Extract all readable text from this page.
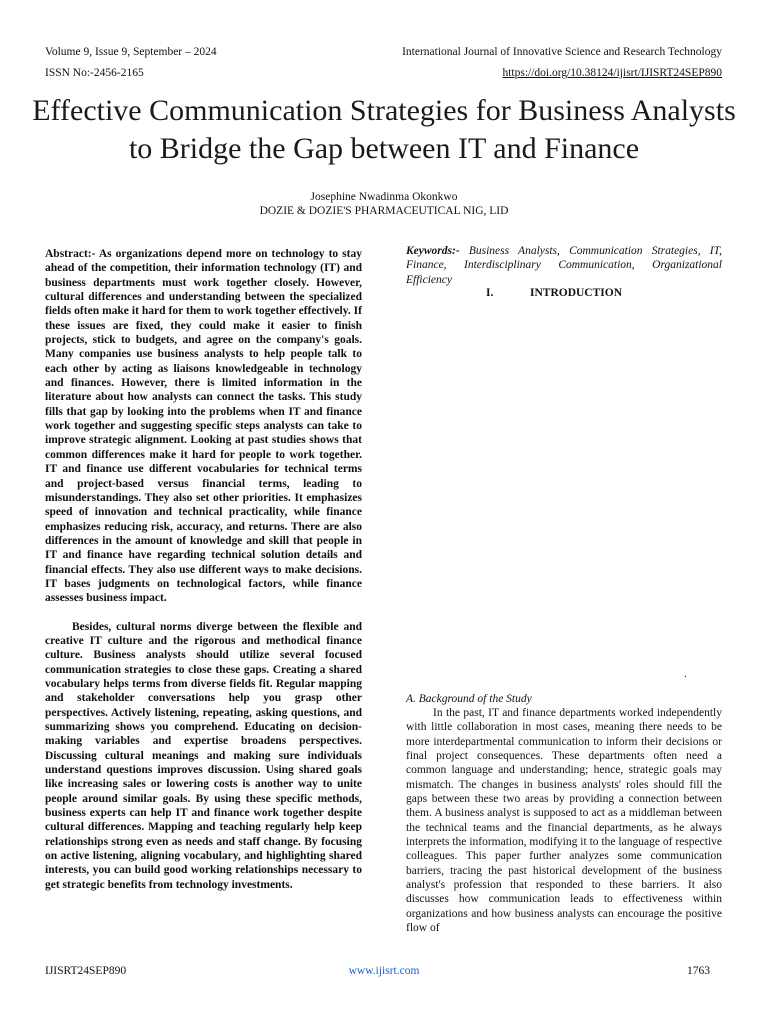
Volume 9, Issue 9, September – 2024
ISSN No:-2456-2165
International Journal of Innovative Science and Research Technology
https://doi.org/10.38124/ijisrt/IJISRT24SEP890
Effective Communication Strategies for Business Analysts to Bridge the Gap between IT and Finance
Josephine Nwadinma Okonkwo
DOZIE & DOZIE'S PHARMACEUTICAL NIG, LID

Abstract:- As organizations depend more on technology to stay ahead of the competition, their information technology (IT) and business departments must work together closely. However, cultural differences and understanding between the specialized fields often make it hard for them to work together effectively. If these issues are fixed, they could make it easier to finish projects, stick to budgets, and agree on the company's goals. Many companies use business analysts to help people talk to each other by acting as liaisons knowledgeable in technology and finances. However, there is limited information in the literature about how analysts can connect the tasks. This study fills that gap by looking into the problems when IT and finance work together and suggesting specific steps analysts can take to improve strategic alignment. Looking at past studies shows that common differences make it hard for people to work together. IT and finance use different vocabularies for technical terms and project-based versus financial terms, leading to misunderstandings. They also set other priorities. It emphasizes speed of innovation and technical practicality, while finance emphasizes reducing risk, accuracy, and returns. There are also differences in the amount of knowledge and skill that people in IT and finance have regarding technical solution details and financial effects. They also use different ways to make decisions. IT bases judgments on technological factors, while finance assesses business impact.

Besides, cultural norms diverge between the flexible and creative IT culture and the rigorous and methodical finance culture. Business analysts should utilize several focused communication strategies to close these gaps. Creating a shared vocabulary helps terms from diverse fields fit. Regular mapping and stakeholder conversations help you grasp other perspectives. Actively listening, repeating, asking questions, and summarizing shows you comprehend. Educating on decision-making variables and expertise broadens perspectives. Discussing cultural meanings and making sure individuals understand questions improves discussion. Using shared goals like increasing sales or lowering costs is another way to unite people around similar goals. By using these specific methods, business experts can help IT and finance work together despite cultural differences. Mapping and teaching regularly help keep relationships strong even as needs and staff change. By focusing on active listening, aligning vocabulary, and highlighting shared interests, you can build good working relationships necessary to get strategic benefits from technology investments.

Keywords:- Business Analysts, Communication Strategies, IT, Finance, Interdisciplinary Communication, Organizational Efficiency
I.	INTRODUCTION
.
A. Background of the Study

In the past, IT and finance departments worked independently with little collaboration in most cases, meaning there needs to be more interdepartmental communication to inform their decisions or final project consequences. These departments often need a common language and understanding; hence, strategic goals may mismatch. The changes in business analysts' roles should fill the gaps between these two areas by providing a connection between them. A business analyst is supposed to act as a middleman between the technical teams and the financial departments, as he always interprets the information, modifying it to the language of respective colleagues. This paper further analyzes some communication barriers, tracing the past historical development of the business analyst's profession that responded to these barriers. It also discusses how communication leads to effectiveness within organizations and how business analysts can encourage the positive flow of

IJISRT24SEP890	www.ijisrt.com	1763
